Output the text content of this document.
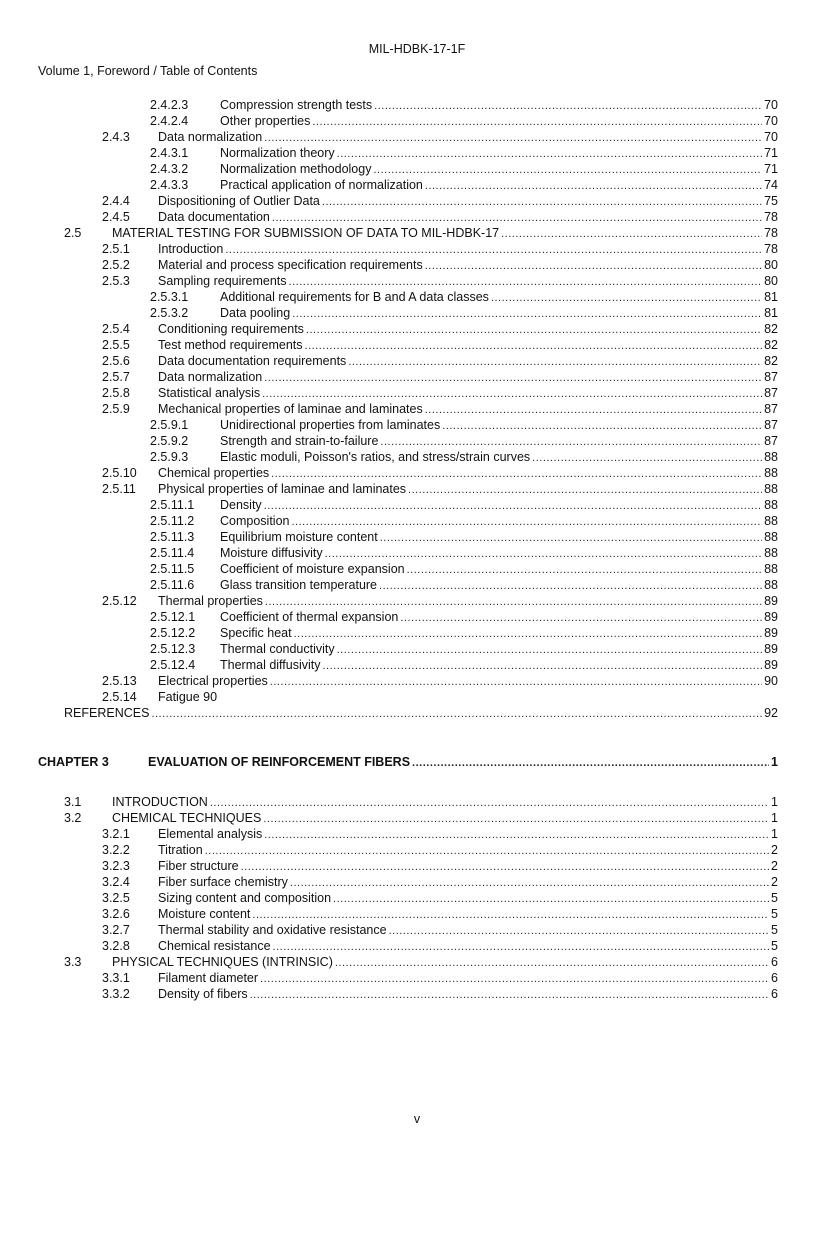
MIL-HDBK-17-1F
Volume 1, Foreword / Table of Contents
2.4.2.3	Compression strength tests .....	70
2.4.2.4	Other properties .....	70
2.4.3	Data normalization .....	70
2.4.3.1	Normalization theory .....	71
2.4.3.2	Normalization methodology .....	71
2.4.3.3	Practical application of normalization .....	74
2.4.4	Dispositioning of Outlier Data .....	75
2.4.5	Data documentation .....	78
2.5	MATERIAL TESTING FOR SUBMISSION OF DATA TO MIL-HDBK-17 .....	78
2.5.1	Introduction .....	78
2.5.2	Material and process specification requirements .....	80
2.5.3	Sampling requirements .....	80
2.5.3.1	Additional requirements for B and A data classes .....	81
2.5.3.2	Data pooling .....	81
2.5.4	Conditioning requirements .....	82
2.5.5	Test method requirements .....	82
2.5.6	Data documentation requirements .....	82
2.5.7	Data normalization .....	87
2.5.8	Statistical analysis .....	87
2.5.9	Mechanical properties of laminae and laminates .....	87
2.5.9.1	Unidirectional properties from laminates .....	87
2.5.9.2	Strength and strain-to-failure .....	87
2.5.9.3	Elastic moduli, Poisson's ratios, and stress/strain curves .....	88
2.5.10	Chemical properties .....	88
2.5.11	Physical properties of laminae and laminates .....	88
2.5.11.1	Density .....	88
2.5.11.2	Composition .....	88
2.5.11.3	Equilibrium moisture content .....	88
2.5.11.4	Moisture diffusivity .....	88
2.5.11.5	Coefficient of moisture expansion .....	88
2.5.11.6	Glass transition temperature .....	88
2.5.12	Thermal properties .....	89
2.5.12.1	Coefficient of thermal expansion .....	89
2.5.12.2	Specific heat .....	89
2.5.12.3	Thermal conductivity .....	89
2.5.12.4	Thermal diffusivity .....	89
2.5.13	Electrical properties .....	90
2.5.14	Fatigue 90
REFERENCES .....	92
CHAPTER 3	EVALUATION OF REINFORCEMENT FIBERS .....	1
3.1	INTRODUCTION .....	1
3.2	CHEMICAL TECHNIQUES .....	1
3.2.1	Elemental analysis .....	1
3.2.2	Titration .....	2
3.2.3	Fiber structure .....	2
3.2.4	Fiber surface chemistry .....	2
3.2.5	Sizing content and composition .....	5
3.2.6	Moisture content .....	5
3.2.7	Thermal stability and oxidative resistance .....	5
3.2.8	Chemical resistance .....	5
3.3	PHYSICAL TECHNIQUES (INTRINSIC) .....	6
3.3.1	Filament diameter .....	6
3.3.2	Density of fibers .....	6
v
